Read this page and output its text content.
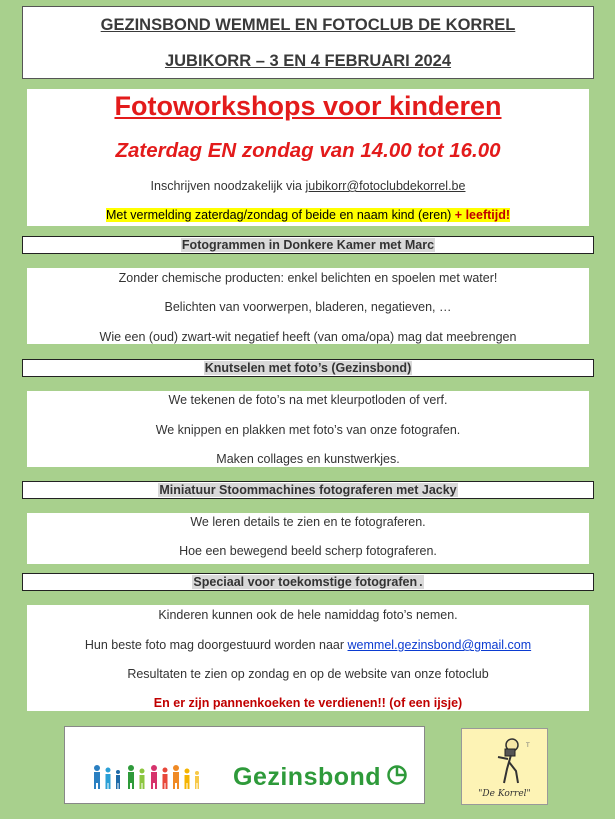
GEZINSBOND WEMMEL EN FOTOCLUB DE KORREL
JUBIKORR – 3 EN 4 FEBRUARI 2024
Fotoworkshops voor kinderen
Zaterdag EN zondag van 14.00 tot 16.00
Inschrijven noodzakelijk via jubikorr@fotoclubdekorrel.be
Met vermelding zaterdag/zondag of beide en naam kind (eren) + leeftijd!
Fotogrammen in Donkere Kamer met Marc
Zonder chemische producten: enkel belichten en spoelen met water!
Belichten van voorwerpen, bladeren, negatieven, …
Wie een (oud) zwart-wit negatief heeft (van oma/opa) mag dat meebrengen
Knutselen met foto’s (Gezinsbond)
We tekenen de foto’s na met kleurpotloden of verf.
We knippen en plakken met foto’s van onze fotografen.
Maken collages en kunstwerkjes.
Miniatuur Stoommachines fotograferen met Jacky
We leren details te zien en te fotograferen.
Hoe een bewegend beeld scherp fotograferen.
Speciaal voor toekomstige fotografen .
Kinderen kunnen ook de hele namiddag foto’s nemen.
Hun beste foto mag doorgestuurd worden naar wemmel.gezinsbond@gmail.com
Resultaten te zien op zondag en op de website van onze fotoclub
En er zijn pannenkoeken te verdienen!! (of een ijsje)
Gezinsbond
T
"De Korrel"
